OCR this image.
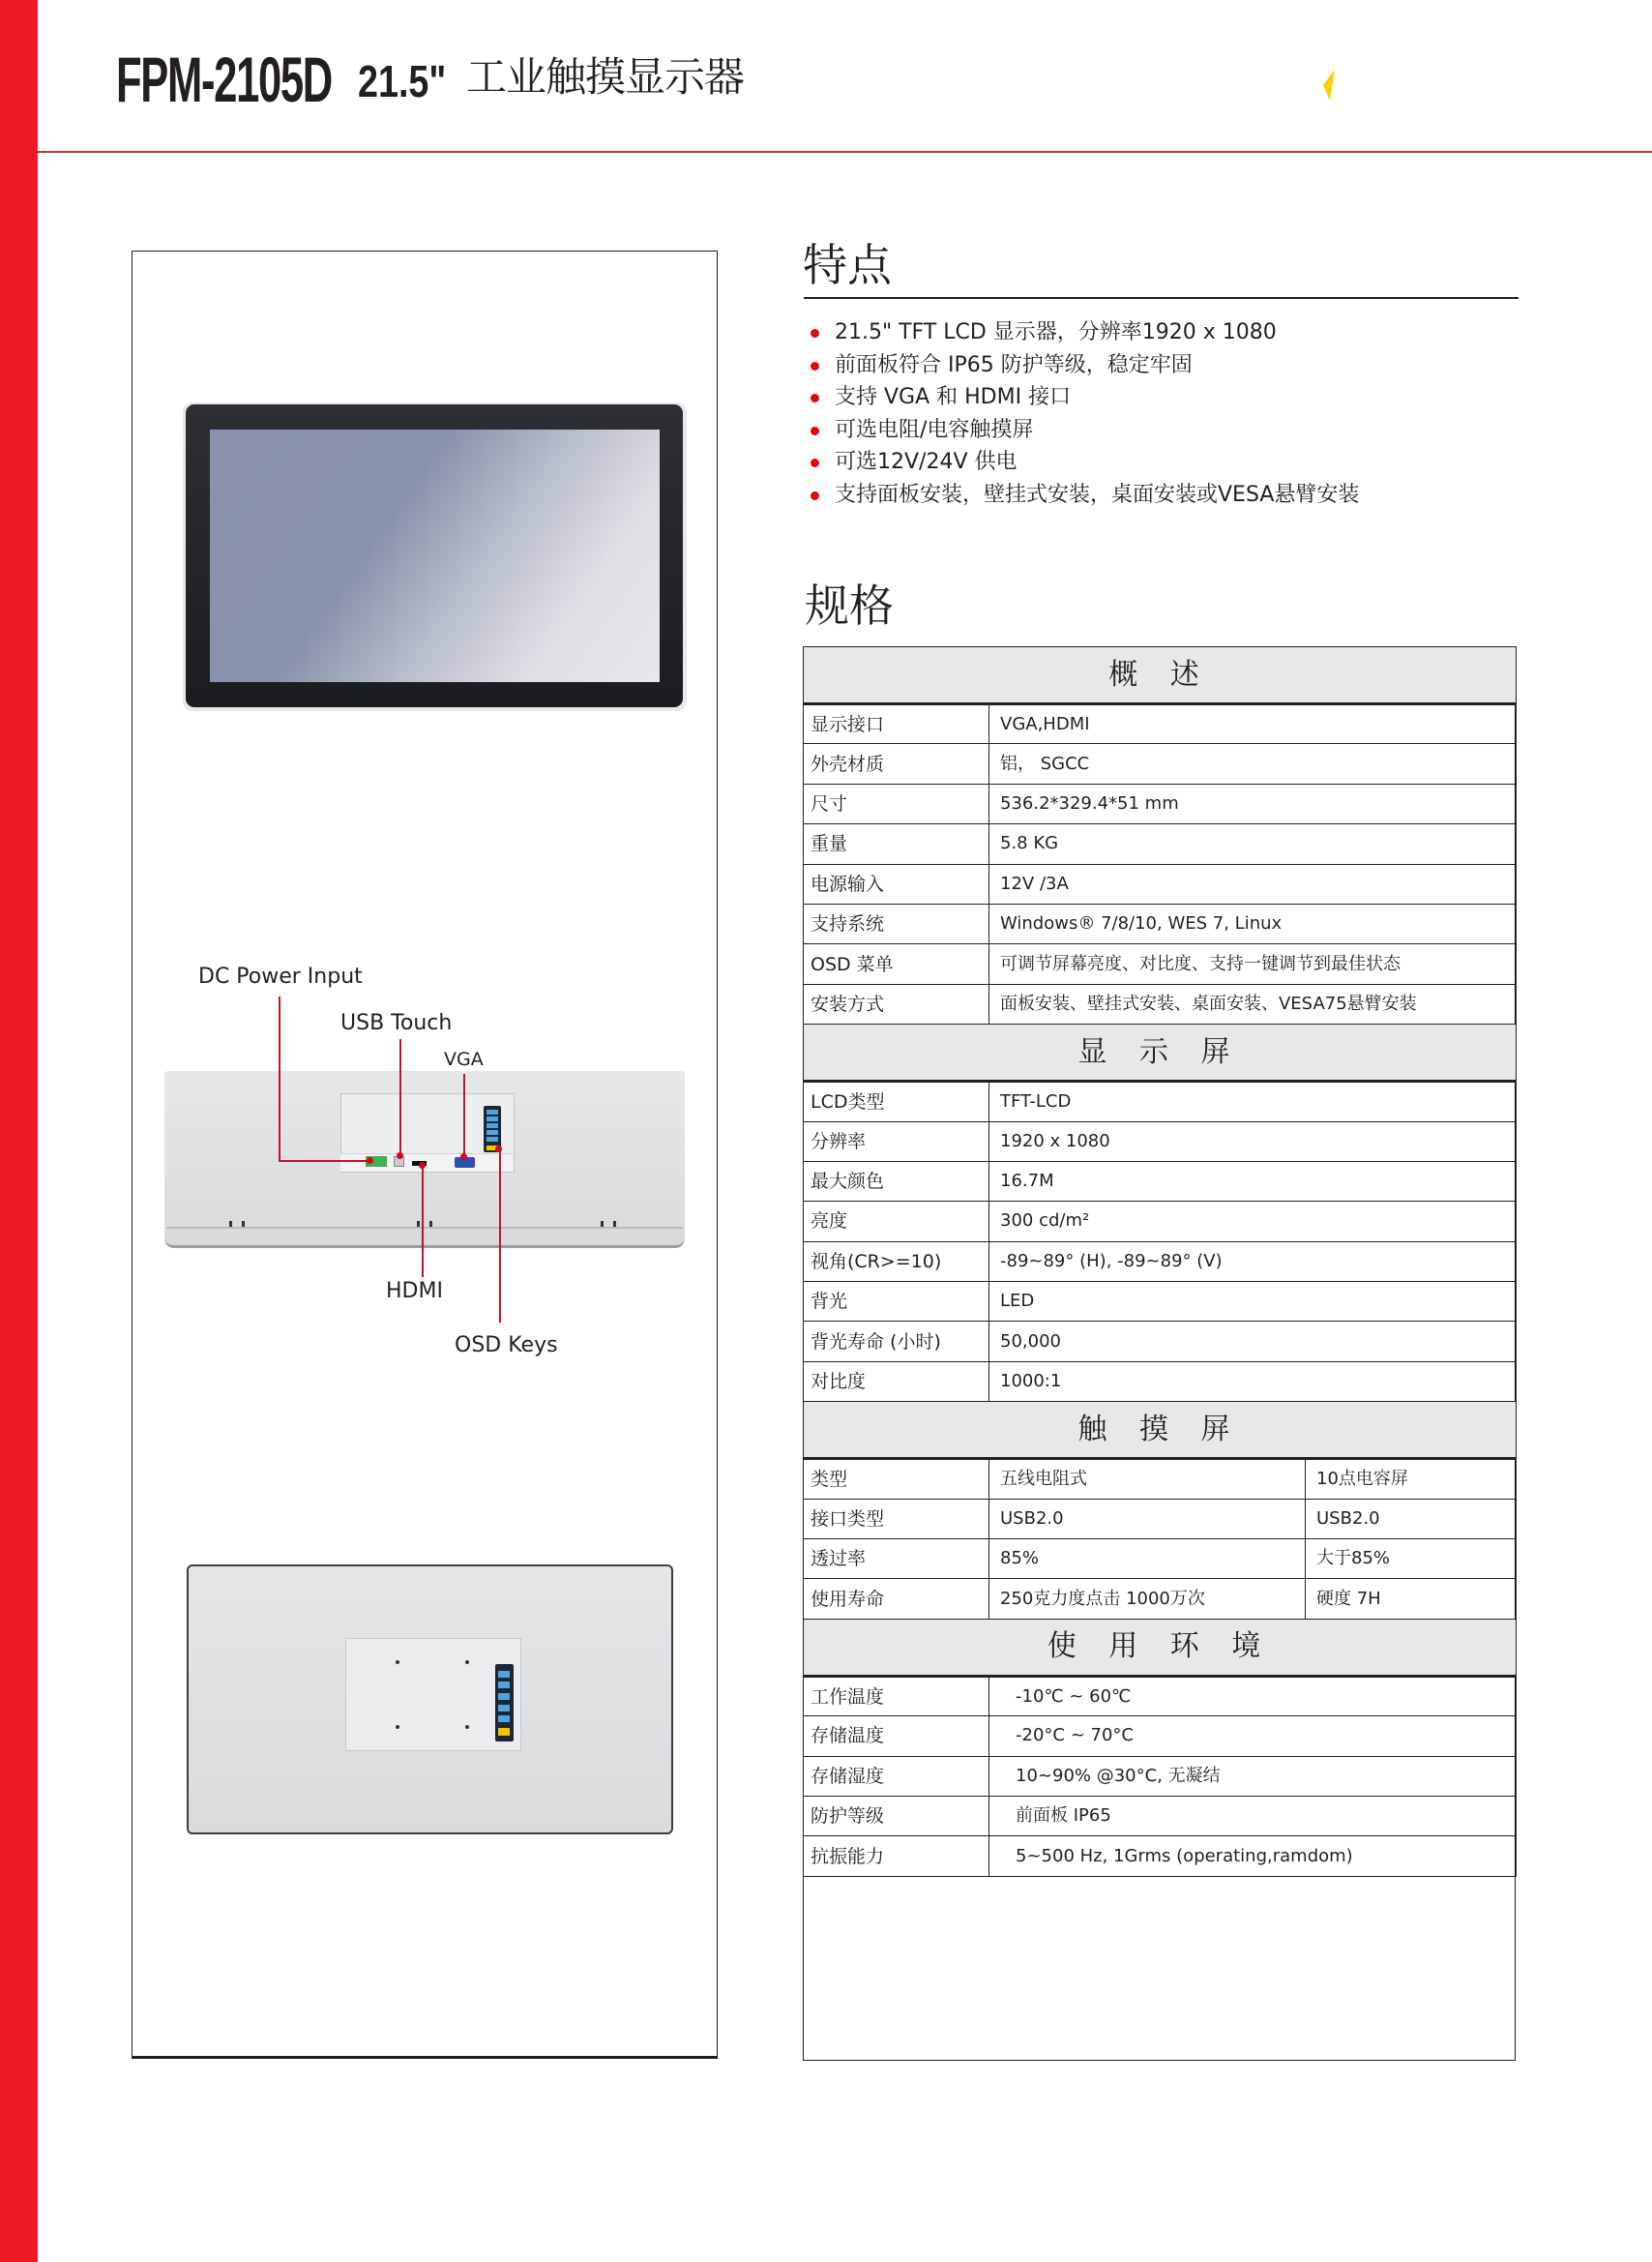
FPM-2105D 21.5" 工业触摸显示器
DC Power Input
USB Touch
VGA
HDMI
OSD Keys
特点
21.5" TFT LCD 显示器，分辨率1920 x 1080
前面板符合 IP65 防护等级，稳定牢固
支持 VGA 和 HDMI 接口
可选电阻/电容触摸屏
可选12V/24V 供电
支持面板安装，壁挂式安装，桌面安装或VESA悬臂安装
规格
概 述		
显示接口	VGA,HDMI	
外壳材质	铝， SGCC	
尺寸	536.2*329.4*51 mm	
重量	5.8 KG	
电源输入	12V /3A	
支持系统	Windows® 7/8/10, WES 7, Linux	
OSD 菜单	可调节屏幕亮度、对比度、支持一键调节到最佳状态	
安装方式	面板安装、壁挂式安装、桌面安装、VESA75悬臂安装	
显 示 屏		
LCD类型	TFT-LCD	
分辨率	1920 x 1080	
最大颜色	16.7M	
亮度	300 cd/m²	
视角(CR>=10)	-89~89° (H), -89~89° (V)	
背光	LED	
背光寿命 (小时)	50,000	
对比度	1000:1	
触 摸 屏		
类型	五线电阻式	10点电容屏
接口类型	USB2.0	USB2.0
透过率	85%	大于85%
使用寿命	250克力度点击 1000万次	硬度 7H
使 用 环 境		
工作温度	-10℃ ~ 60℃	
存储温度	-20°C ~ 70°C	
存储湿度	10~90% @30°C, 无凝结	
防护等级	前面板 IP65	
抗振能力	5~500 Hz, 1Grms (operating,ramdom)	
